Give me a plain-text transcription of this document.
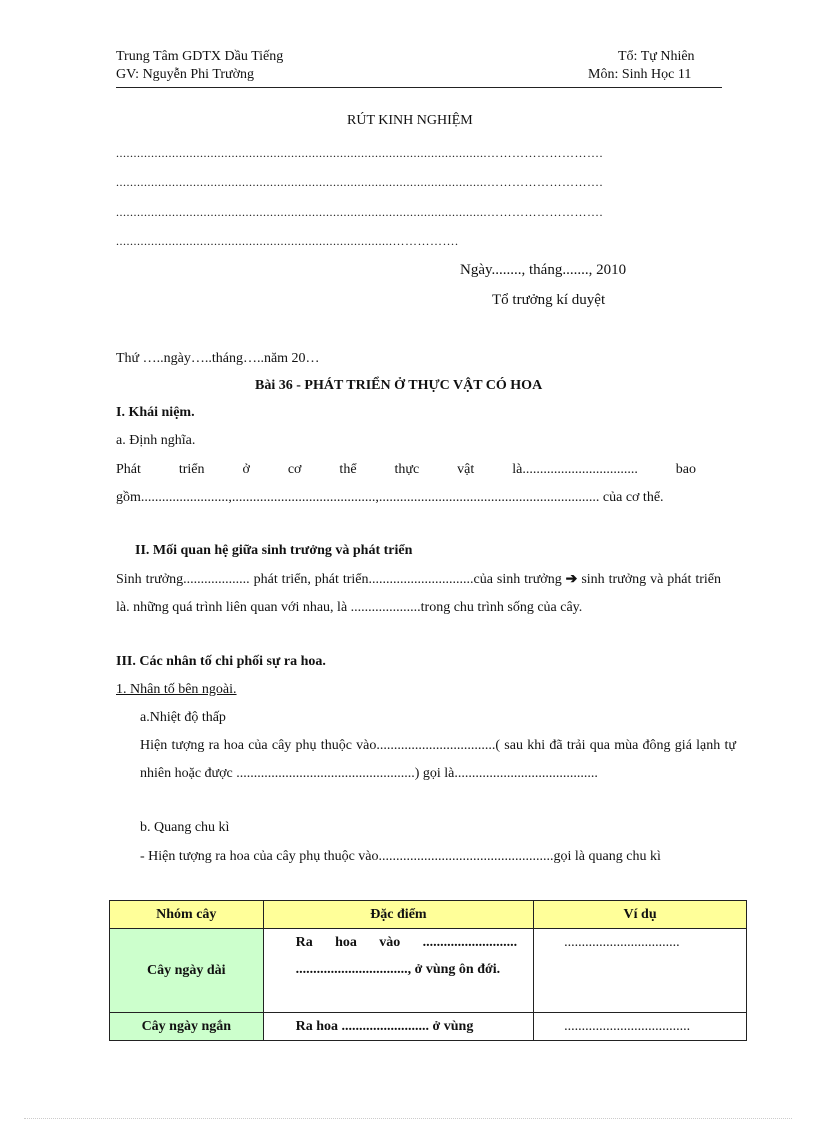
Trung Tâm GDTX Dầu Tiếng
GV: Nguyễn Phi Trường
Tổ: Tự Nhiên
Môn: Sinh Học 11
RÚT KINH NGHIỆM
..........................................................................................................……………………….
..........................................................................................................……………………….
..........................................................................................................……………………….
...............................................................................…………….
Ngày........, tháng......., 2010
Tổ trưởng kí duyệt
Thứ …..ngày…..tháng…..năm 20…
Bài 36 - PHÁT TRIỂN Ở THỰC VẬT CÓ HOA
I. Khái niệm.
a. Định nghĩa.
Phát triển ở cơ thể thực vật là................................. bao gồm.........................,.........................................,............................................................... của cơ thể.
II. Mối quan hệ giữa sinh trưởng và phát triển
Sinh trưởng................... phát triển, phát triển..............................của sinh trưởng ➔ sinh trưởng và phát triển là. những quá trình liên quan với nhau, là ....................trong chu trình sống của cây.
III. Các nhân tố chi phối sự ra hoa.
1. Nhân tố bên ngoài.
a.Nhiệt độ thấp
Hiện tượng ra hoa của cây phụ thuộc vào..................................( sau khi đã trải qua mùa đông giá lạnh tự nhiên hoặc được ...................................................) gọi là.........................................
b. Quang chu kì
- Hiện tượng ra hoa của cây phụ thuộc vào..................................................gọi là quang chu kì
Nhóm cây	Đặc điểm	Ví dụ
Cây ngày dài	Ra hoa vào ........................... ................................, ở vùng ôn đới.	.................................
Cây ngày ngắn	Ra hoa ......................... ở vùng	....................................
